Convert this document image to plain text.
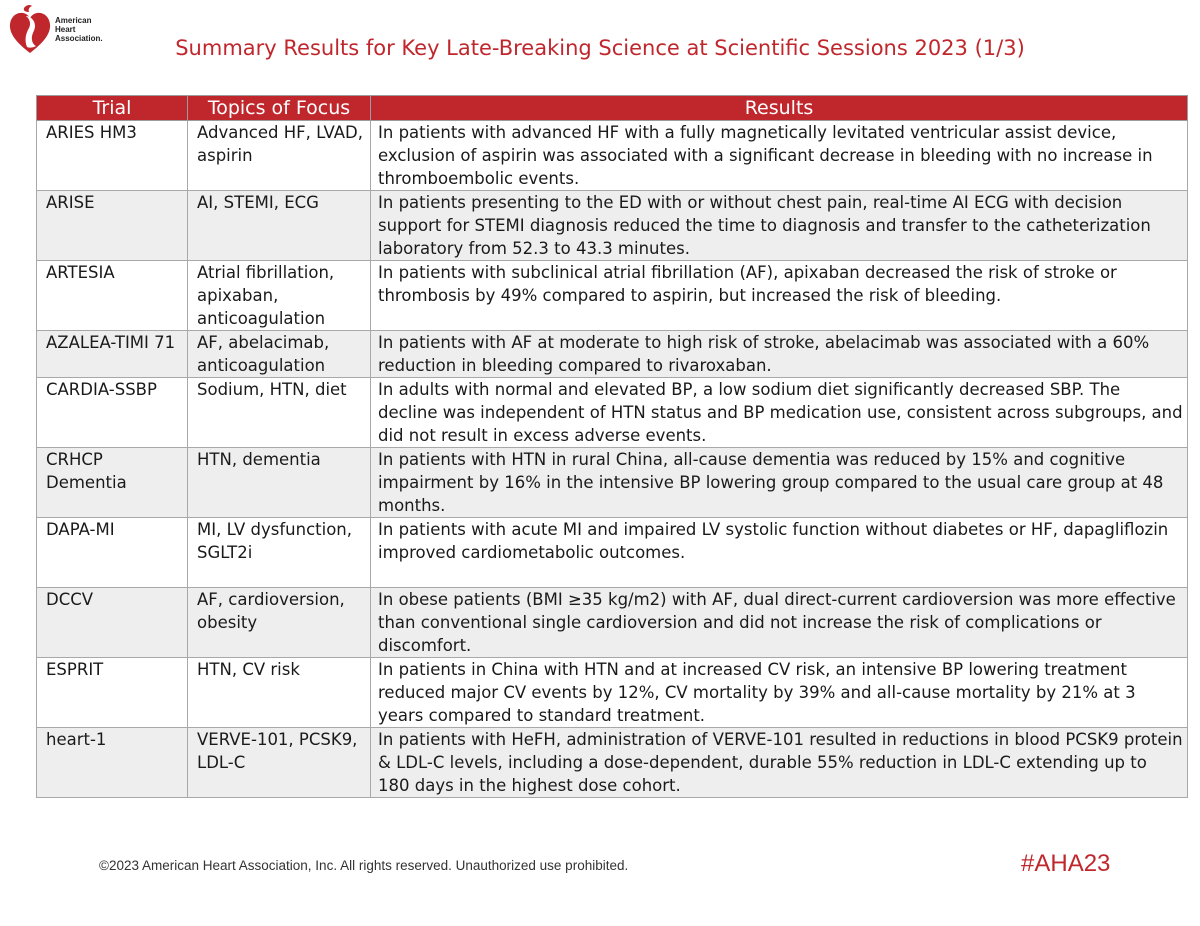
American
Heart
Association.	Summary Results for Key Late-Breaking Science at Scientific Sessions 2023 (1/3)
Trial	Topics of Focus	Results
ARIES HM3	Advanced HF, LVAD, aspirin	In patients with advanced HF with a fully magnetically levitated ventricular assist device, exclusion of aspirin was associated with a significant decrease in bleeding with no increase in thromboembolic events.
ARISE	AI, STEMI, ECG	In patients presenting to the ED with or without chest pain, real-time AI ECG with decision support for STEMI diagnosis reduced the time to diagnosis and transfer to the catheterization laboratory from 52.3 to 43.3 minutes.
ARTESIA	Atrial fibrillation, apixaban, anticoagulation	In patients with subclinical atrial fibrillation (AF), apixaban decreased the risk of stroke or thrombosis by 49% compared to aspirin, but increased the risk of bleeding.
AZALEA-TIMI 71	AF, abelacimab, anticoagulation	In patients with AF at moderate to high risk of stroke, abelacimab was associated with a 60% reduction in bleeding compared to rivaroxaban.
CARDIA-SSBP	Sodium, HTN, diet	In adults with normal and elevated BP, a low sodium diet significantly decreased SBP. The decline was independent of HTN status and BP medication use, consistent across subgroups, and did not result in excess adverse events.
CRHCP Dementia	HTN, dementia	In patients with HTN in rural China, all-cause dementia was reduced by 15% and cognitive impairment by 16% in the intensive BP lowering group compared to the usual care group at 48 months.
DAPA-MI	MI, LV dysfunction, SGLT2i	In patients with acute MI and impaired LV systolic function without diabetes or HF, dapagliflozin improved cardiometabolic outcomes.
DCCV	AF, cardioversion, obesity	In obese patients (BMI ≥35 kg/m2) with AF, dual direct-current cardioversion was more effective than conventional single cardioversion and did not increase the risk of complications or discomfort.
ESPRIT	HTN, CV risk	In patients in China with HTN and at increased CV risk, an intensive BP lowering treatment reduced major CV events by 12%, CV mortality by 39% and all-cause mortality by 21% at 3 years compared to standard treatment.
heart-1	VERVE-101, PCSK9, LDL-C	In patients with HeFH, administration of VERVE-101 resulted in reductions in blood PCSK9 protein & LDL-C levels, including a dose-dependent, durable 55% reduction in LDL-C extending up to 180 days in the highest dose cohort.
©2023 American Heart Association, Inc. All rights reserved. Unauthorized use prohibited.	#AHA23
